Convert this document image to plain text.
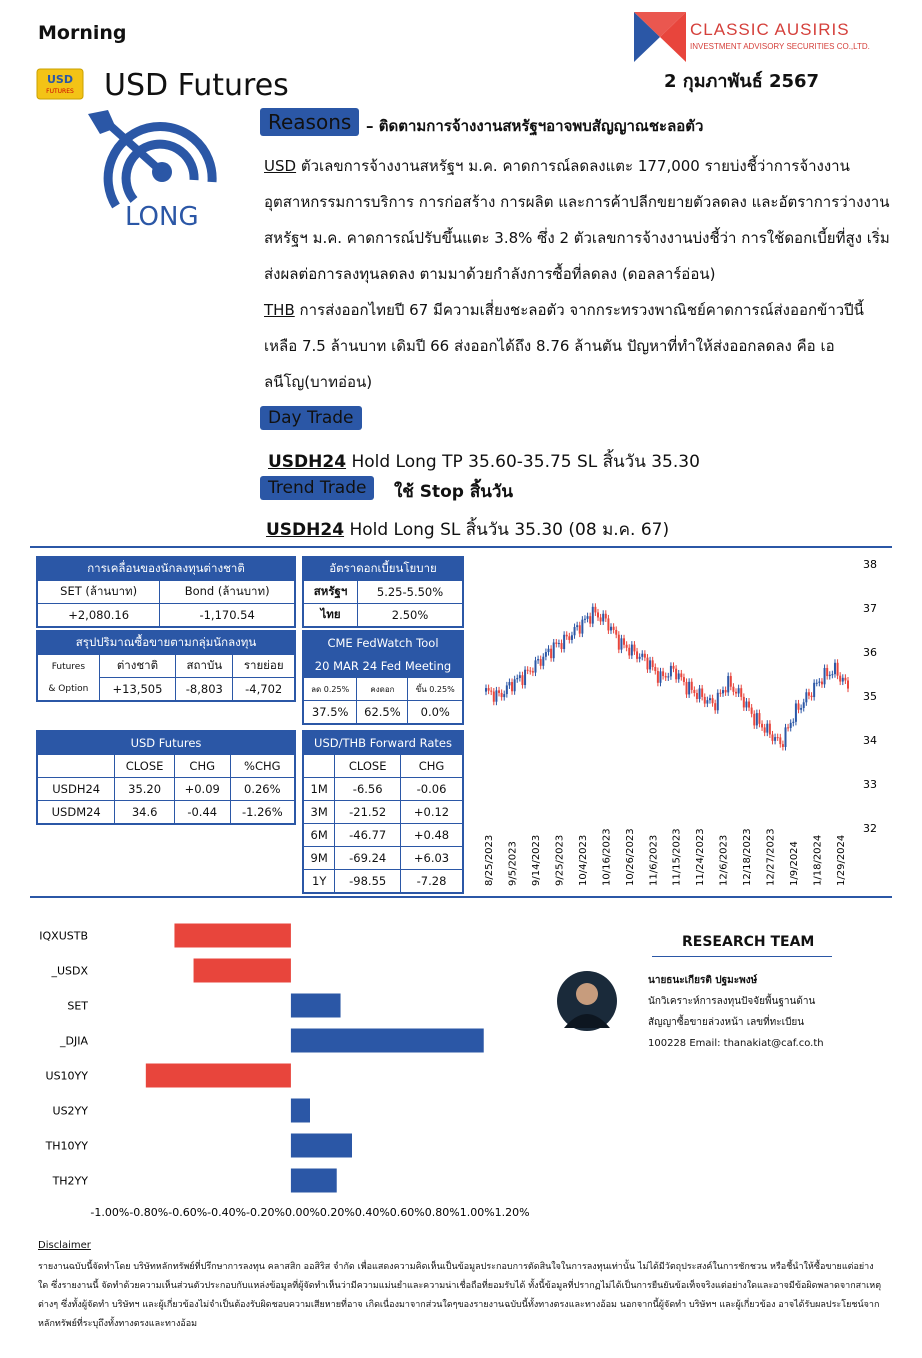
Morning
USD
FUTURES USD Futures
CLASSIC AUSIRIS
INVESTMENT ADVISORY SECURITIES CO.,LTD.
2 กุมภาพันธ์ 2567
LONG
Reasons – ติดตามการจ้างงานสหรัฐฯอาจพบสัญญาณชะลอตัว
USD ตัวเลขการจ้างงานสหรัฐฯ ม.ค. คาดการณ์ลดลงแตะ 177,000 รายบ่งชี้ว่าการจ้างงานอุตสาหกรรมการบริการ การก่อสร้าง การผลิต และการค้าปลีกขยายตัวลดลง และอัตราการว่างงานสหรัฐฯ ม.ค. คาดการณ์ปรับขึ้นแตะ 3.8% ซึ่ง 2 ตัวเลขการจ้างงานบ่งชี้ว่า การใช้ดอกเบี้ยที่สูง เริ่มส่งผลต่อการลงทุนลดลง ตามมาด้วยกำลังการซื้อที่ลดลง (ดอลลาร์อ่อน)
THB การส่งออกไทยปี 67 มีความเสี่ยงชะลอตัว จากกระทรวงพาณิชย์คาดการณ์ส่งออกข้าวปีนี้เหลือ 7.5 ล้านบาท เดิมปี 66 ส่งออกได้ถึง 8.76 ล้านตัน ปัญหาที่ทำให้ส่งออกลดลง คือ เอลนีโญ(บาทอ่อน)
Day Trade
USDH24 Hold Long TP 35.60-35.75 SL สิ้นวัน 35.30
Trend Trade	ใช้ Stop สิ้นวัน
USDH24 Hold Long SL สิ้นวัน 35.30 (08 ม.ค. 67)
การเคลื่อนของนักลงทุนต่างชาติ	
SET (ล้านบาท)	Bond (ล้านบาท)
+2,080.16	-1,170.54
อัตราดอกเบี้ยนโยบาย	
สหรัฐฯ	5.25-5.50%
ไทย	2.50%
สรุปปริมาณซื้อขายตามกลุ่มนักลงทุน			

Futures
& Option	ต่างชาติ	สถาบัน	รายย่อย
	+13,505	-8,803	-4,702
CME FedWatch Tool		
20 MAR 24 Fed Meeting		
ลด 0.25%	คงดอก	ขึ้น 0.25%
37.5%	62.5%	0.0%
USD Futures			
	CLOSE	CHG	%CHG
USDH24	35.20	+0.09	0.26%
USDM24	34.6	-0.44	-1.26%
USD/THB Forward Rates		
	CLOSE	CHG
1M	-6.56	-0.06
3M	-21.52	+0.12
6M	-46.77	+0.48
9M	-69.24	+6.03
1Y	-98.55	-7.28
38
37
36
35
34
33
32
8/25/2023 9/5/2023 9/14/2023 9/25/2023 10/4/2023 10/16/2023 10/26/2023 11/6/2023 11/15/2023 11/24/2023 12/6/2023 12/18/2023 12/27/2023 1/9/2024 1/18/2024 1/29/2024
IQXUSTB
_USDX
SET
_DJIA
US10YY
US2YY
TH10YY
TH2YY
-1.00%-0.80%-0.60%-0.40%-0.20%0.00%0.20%0.40%0.60%0.80%1.00%1.20%
RESEARCH TEAM
นายธนะเกียรติ ปฐมะพงษ์
นักวิเคราะห์การลงทุนปัจจัยพื้นฐานด้าน
สัญญาซื้อขายล่วงหน้า เลขที่ทะเบียน
100228 Email: thanakiat@caf.co.th
Disclaimer
รายงานฉบับนี้จัดทำโดย บริษัทหลักทรัพย์ที่ปรึกษาการลงทุน คลาสสิก ออสิริส จำกัด เพื่อแสดงความคิดเห็นเป็นข้อมูลประกอบการตัดสินใจในการลงทุนเท่านั้น ไม่ได้มีวัตถุประสงค์ในการชักชวน หรือชี้นำให้ซื้อขายแต่อย่างใด ซึ่งรายงานนี้ จัดทำด้วยความเห็นส่วนตัวประกอบกับแหล่งข้อมูลที่ผู้จัดทำเห็นว่ามีความแม่นยำและความน่าเชื่อถือที่ยอมรับได้ ทั้งนี้ข้อมูลที่ปรากฏไม่ได้เป็นการยืนยันข้อเท็จจริงแต่อย่างใดและอาจมีข้อผิดพลาดจากสาเหตุต่างๆ ซึ่งทั้งผู้จัดทำ บริษัทฯ และผู้เกี่ยวข้องไม่จำเป็นต้องรับผิดชอบความเสียหายที่อาจ เกิดเนื่องมาจากส่วนใดๆของรายงานฉบับนี้ทั้งทางตรงและทางอ้อม นอกจากนี้ผู้จัดทำ บริษัทฯ และผู้เกี่ยวข้อง อาจได้รับผลประโยชน์จากหลักทรัพย์ที่ระบุถึงทั้งทางตรงและทางอ้อม
